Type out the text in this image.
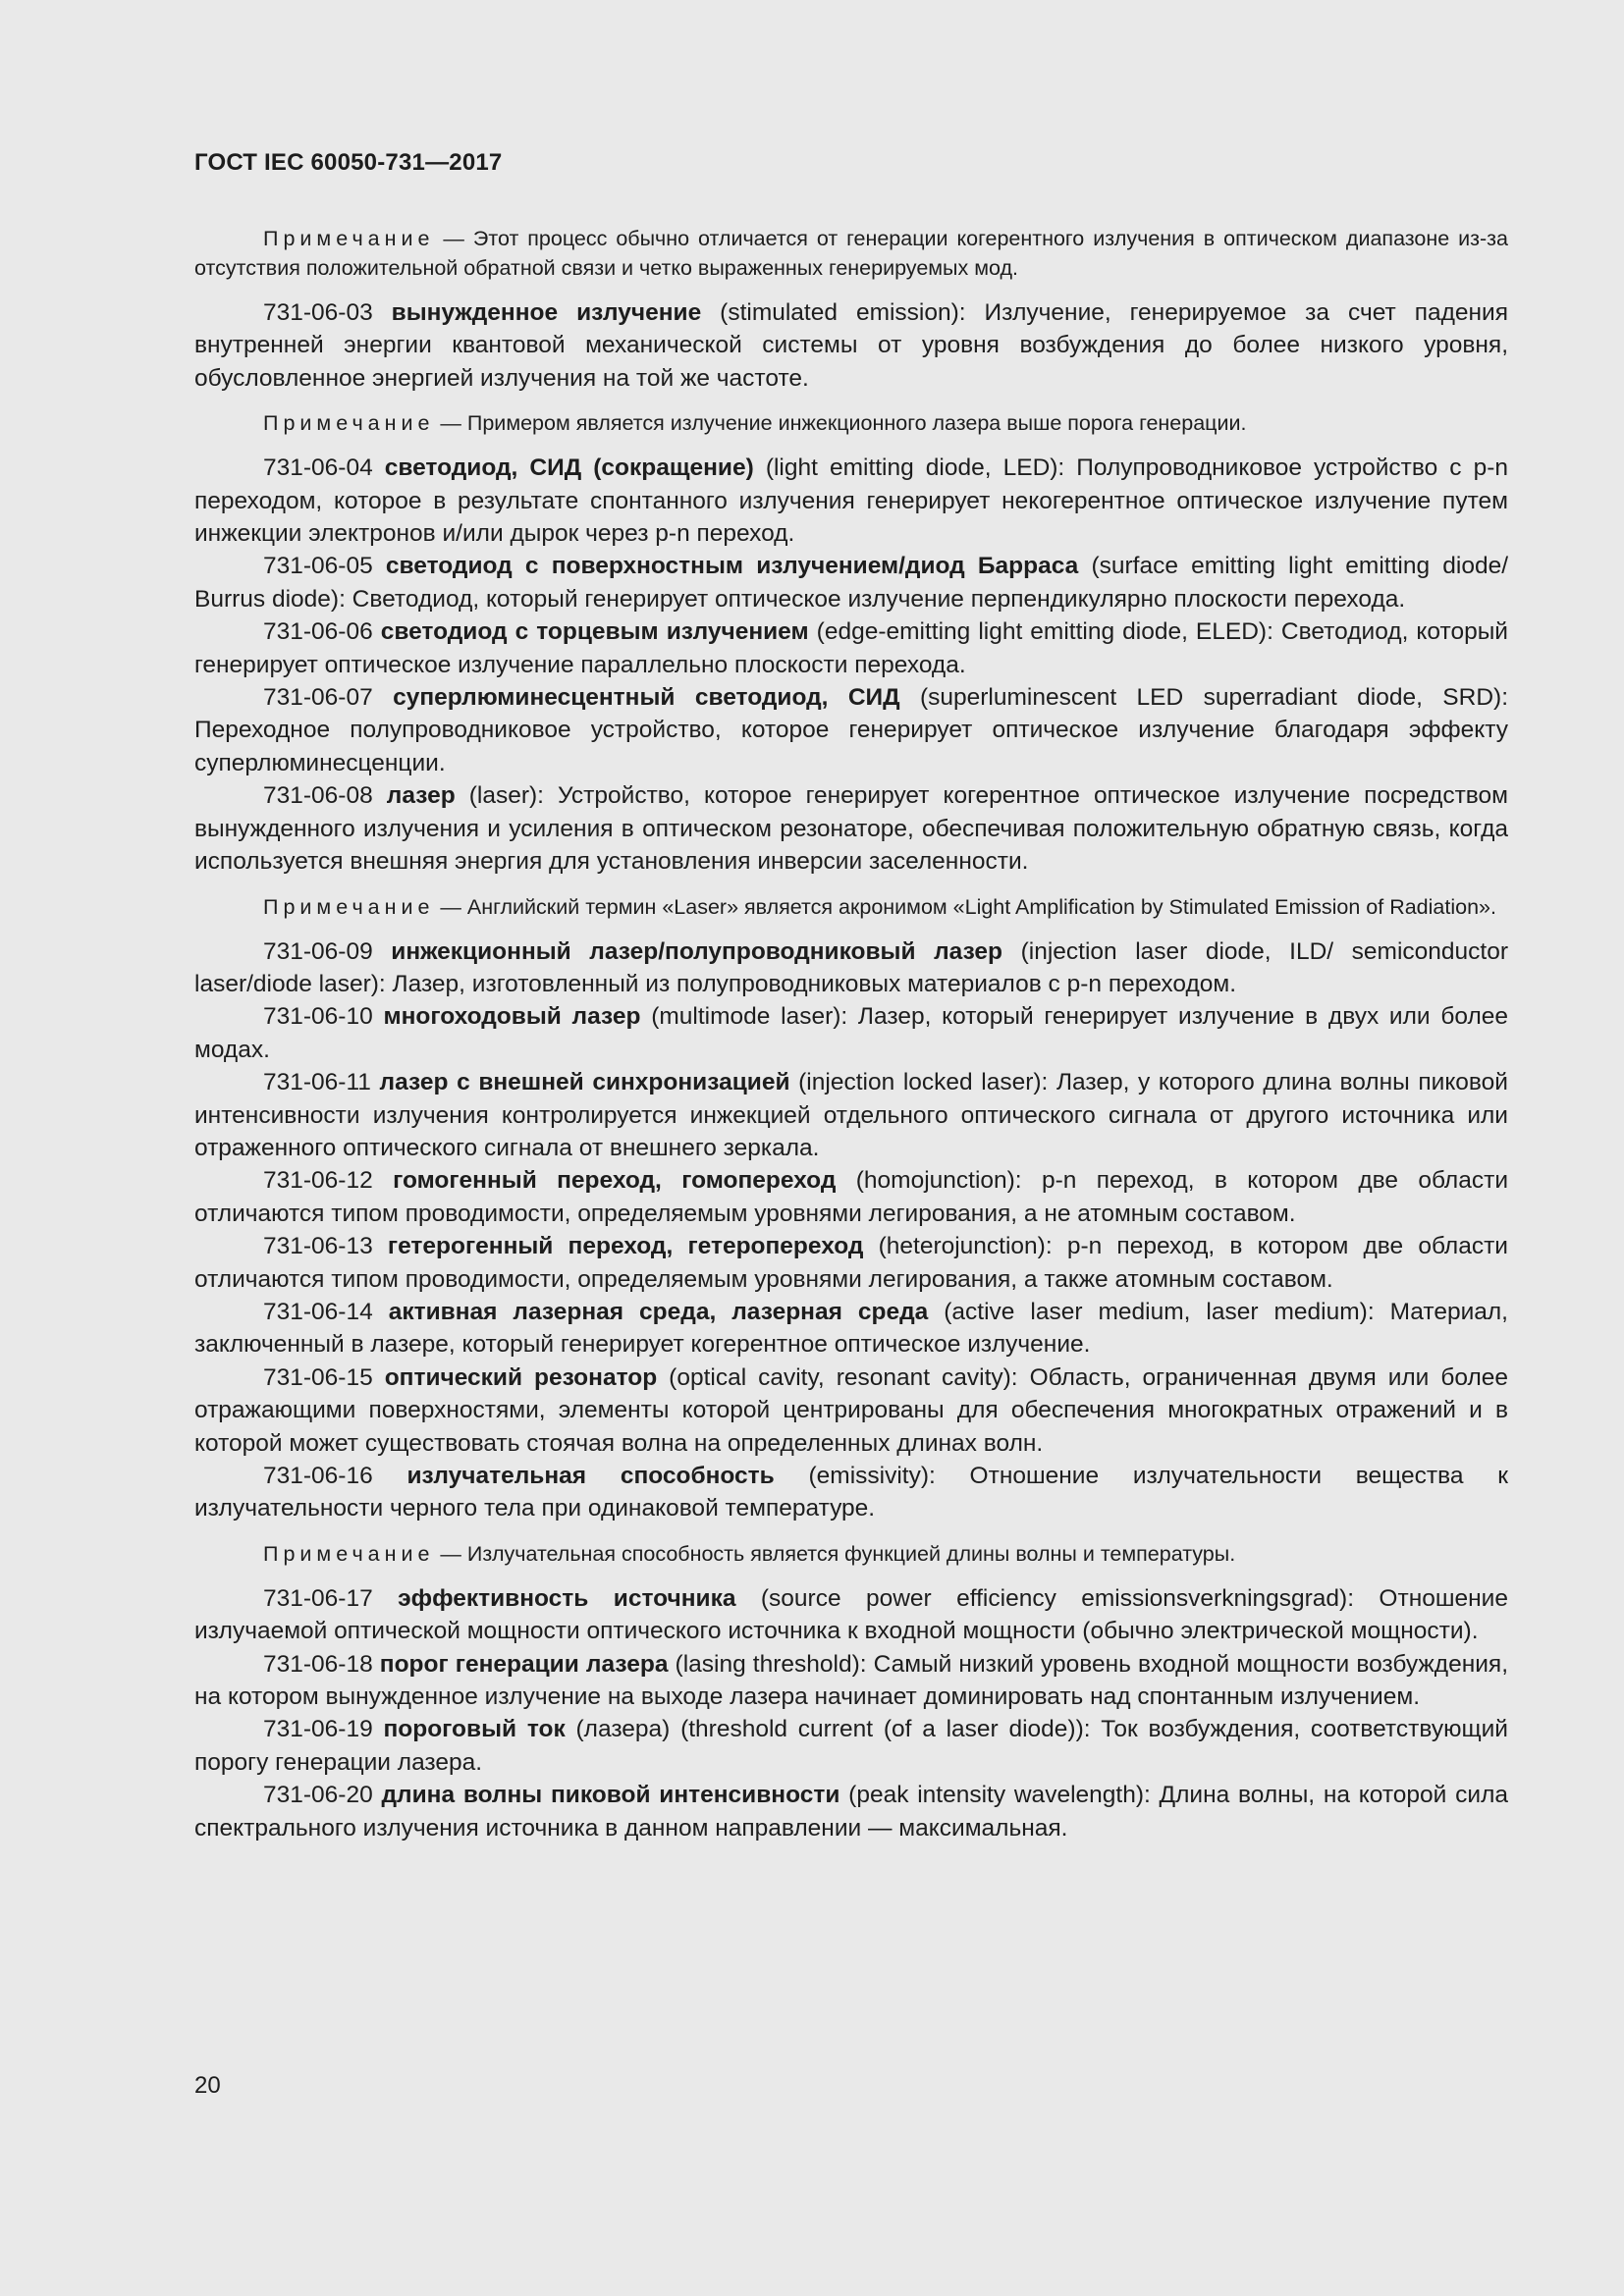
ГОСТ IEC 60050-731—2017

Примечание — Этот процесс обычно отличается от генерации когерентного излучения в оптическом диапазоне из-за отсутствия положительной обратной связи и четко выраженных генерируемых мод.

731-06-03 вынужденное излучение (stimulated emission): Излучение, генерируемое за счет падения внутренней энергии квантовой механической системы от уровня возбуждения до более низкого уровня, обусловленное энергией излучения на той же частоте.

Примечание — Примером является излучение инжекционного лазера выше порога генерации.

731-06-04 светодиод, СИД (сокращение) (light emitting diode, LED): Полупроводниковое устройство с p-n переходом, которое в результате спонтанного излучения генерирует некогерентное оптическое излучение путем инжекции электронов и/или дырок через p-n переход.

731-06-05 светодиод с поверхностным излучением/диод Барраса (surface emitting light emitting diode/ Burrus diode): Светодиод, который генерирует оптическое излучение перпендикулярно плоскости перехода.

731-06-06 светодиод с торцевым излучением (edge-emitting light emitting diode, ELED): Светодиод, который генерирует оптическое излучение параллельно плоскости перехода.

731-06-07 суперлюминесцентный светодиод, СИД (superluminescent LED superradiant diode, SRD): Переходное полупроводниковое устройство, которое генерирует оптическое излучение благодаря эффекту суперлюминесценции.

731-06-08 лазер (laser): Устройство, которое генерирует когерентное оптическое излучение посредством вынужденного излучения и усиления в оптическом резонаторе, обеспечивая положительную обратную связь, когда используется внешняя энергия для установления инверсии заселенности.

Примечание — Английский термин «Laser» является акронимом «Light Amplification by Stimulated Emission of Radiation».

731-06-09 инжекционный лазер/полупроводниковый лазер (injection laser diode, ILD/ semiconductor laser/diode laser): Лазер, изготовленный из полупроводниковых материалов с p-n переходом.

731-06-10 многоходовый лазер (multimode laser): Лазер, который генерирует излучение в двух или более модах.

731-06-11 лазер с внешней синхронизацией (injection locked laser): Лазер, у которого длина волны пиковой интенсивности излучения контролируется инжекцией отдельного оптического сигнала от другого источника или отраженного оптического сигнала от внешнего зеркала.

731-06-12 гомогенный переход, гомопереход (homojunction): p-n переход, в котором две области отличаются типом проводимости, определяемым уровнями легирования, а не атомным составом.

731-06-13 гетерогенный переход, гетеропереход (heterojunction): p-n переход, в котором две области отличаются типом проводимости, определяемым уровнями легирования, а также атомным составом.

731-06-14 активная лазерная среда, лазерная среда (active laser medium, laser medium): Материал, заключенный в лазере, который генерирует когерентное оптическое излучение.

731-06-15 оптический резонатор (optical cavity, resonant cavity): Область, ограниченная двумя или более отражающими поверхностями, элементы которой центрированы для обеспечения многократных отражений и в которой может существовать стоячая волна на определенных длинах волн.

731-06-16 излучательная способность (emissivity): Отношение излучательности вещества к излучательности черного тела при одинаковой температуре.

Примечание — Излучательная способность является функцией длины волны и температуры.

731-06-17 эффективность источника (source power efficiency emissionsverkningsgrad): Отношение излучаемой оптической мощности оптического источника к входной мощности (обычно электрической мощности).

731-06-18 порог генерации лазера (lasing threshold): Самый низкий уровень входной мощности возбуждения, на котором вынужденное излучение на выходе лазера начинает доминировать над спонтанным излучением.

731-06-19 пороговый ток (лазера) (threshold current (of a laser diode)): Ток возбуждения, соответствующий порогу генерации лазера.

731-06-20 длина волны пиковой интенсивности (peak intensity wavelength): Длина волны, на которой сила спектрального излучения источника в данном направлении — максимальная.

20
